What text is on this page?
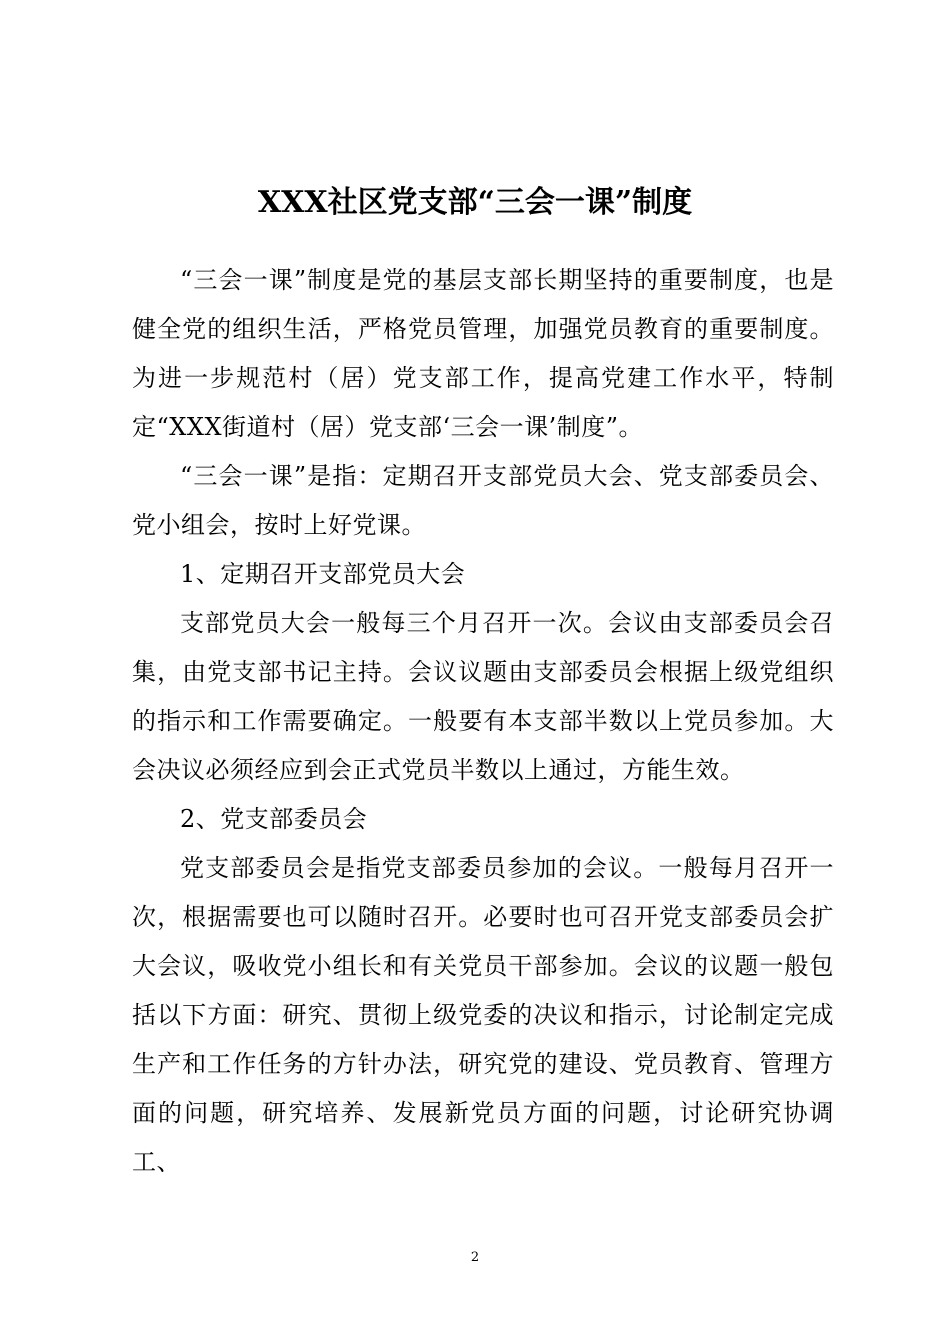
XXX社区党支部“三会一课”制度

“三会一课”制度是党的基层支部长期坚持的重要制度，也是健全党的组织生活，严格党员管理，加强党员教育的重要制度。为进一步规范村（居）党支部工作，提高党建工作水平，特制定“XXX街道村（居）党支部‘三会一课’制度”。

“三会一课”是指：定期召开支部党员大会、党支部委员会、党小组会，按时上好党课。

1、定期召开支部党员大会

支部党员大会一般每三个月召开一次。会议由支部委员会召集，由党支部书记主持。会议议题由支部委员会根据上级党组织的指示和工作需要确定。一般要有本支部半数以上党员参加。大会决议必须经应到会正式党员半数以上通过，方能生效。

2、党支部委员会

党支部委员会是指党支部委员参加的会议。一般每月召开一次，根据需要也可以随时召开。必要时也可召开党支部委员会扩大会议，吸收党小组长和有关党员干部参加。会议的议题一般包括以下方面：研究、贯彻上级党委的决议和指示，讨论制定完成生产和工作任务的方针办法，研究党的建设、党员教育、管理方面的问题，研究培养、发展新党员方面的问题，讨论研究协调工、

2
